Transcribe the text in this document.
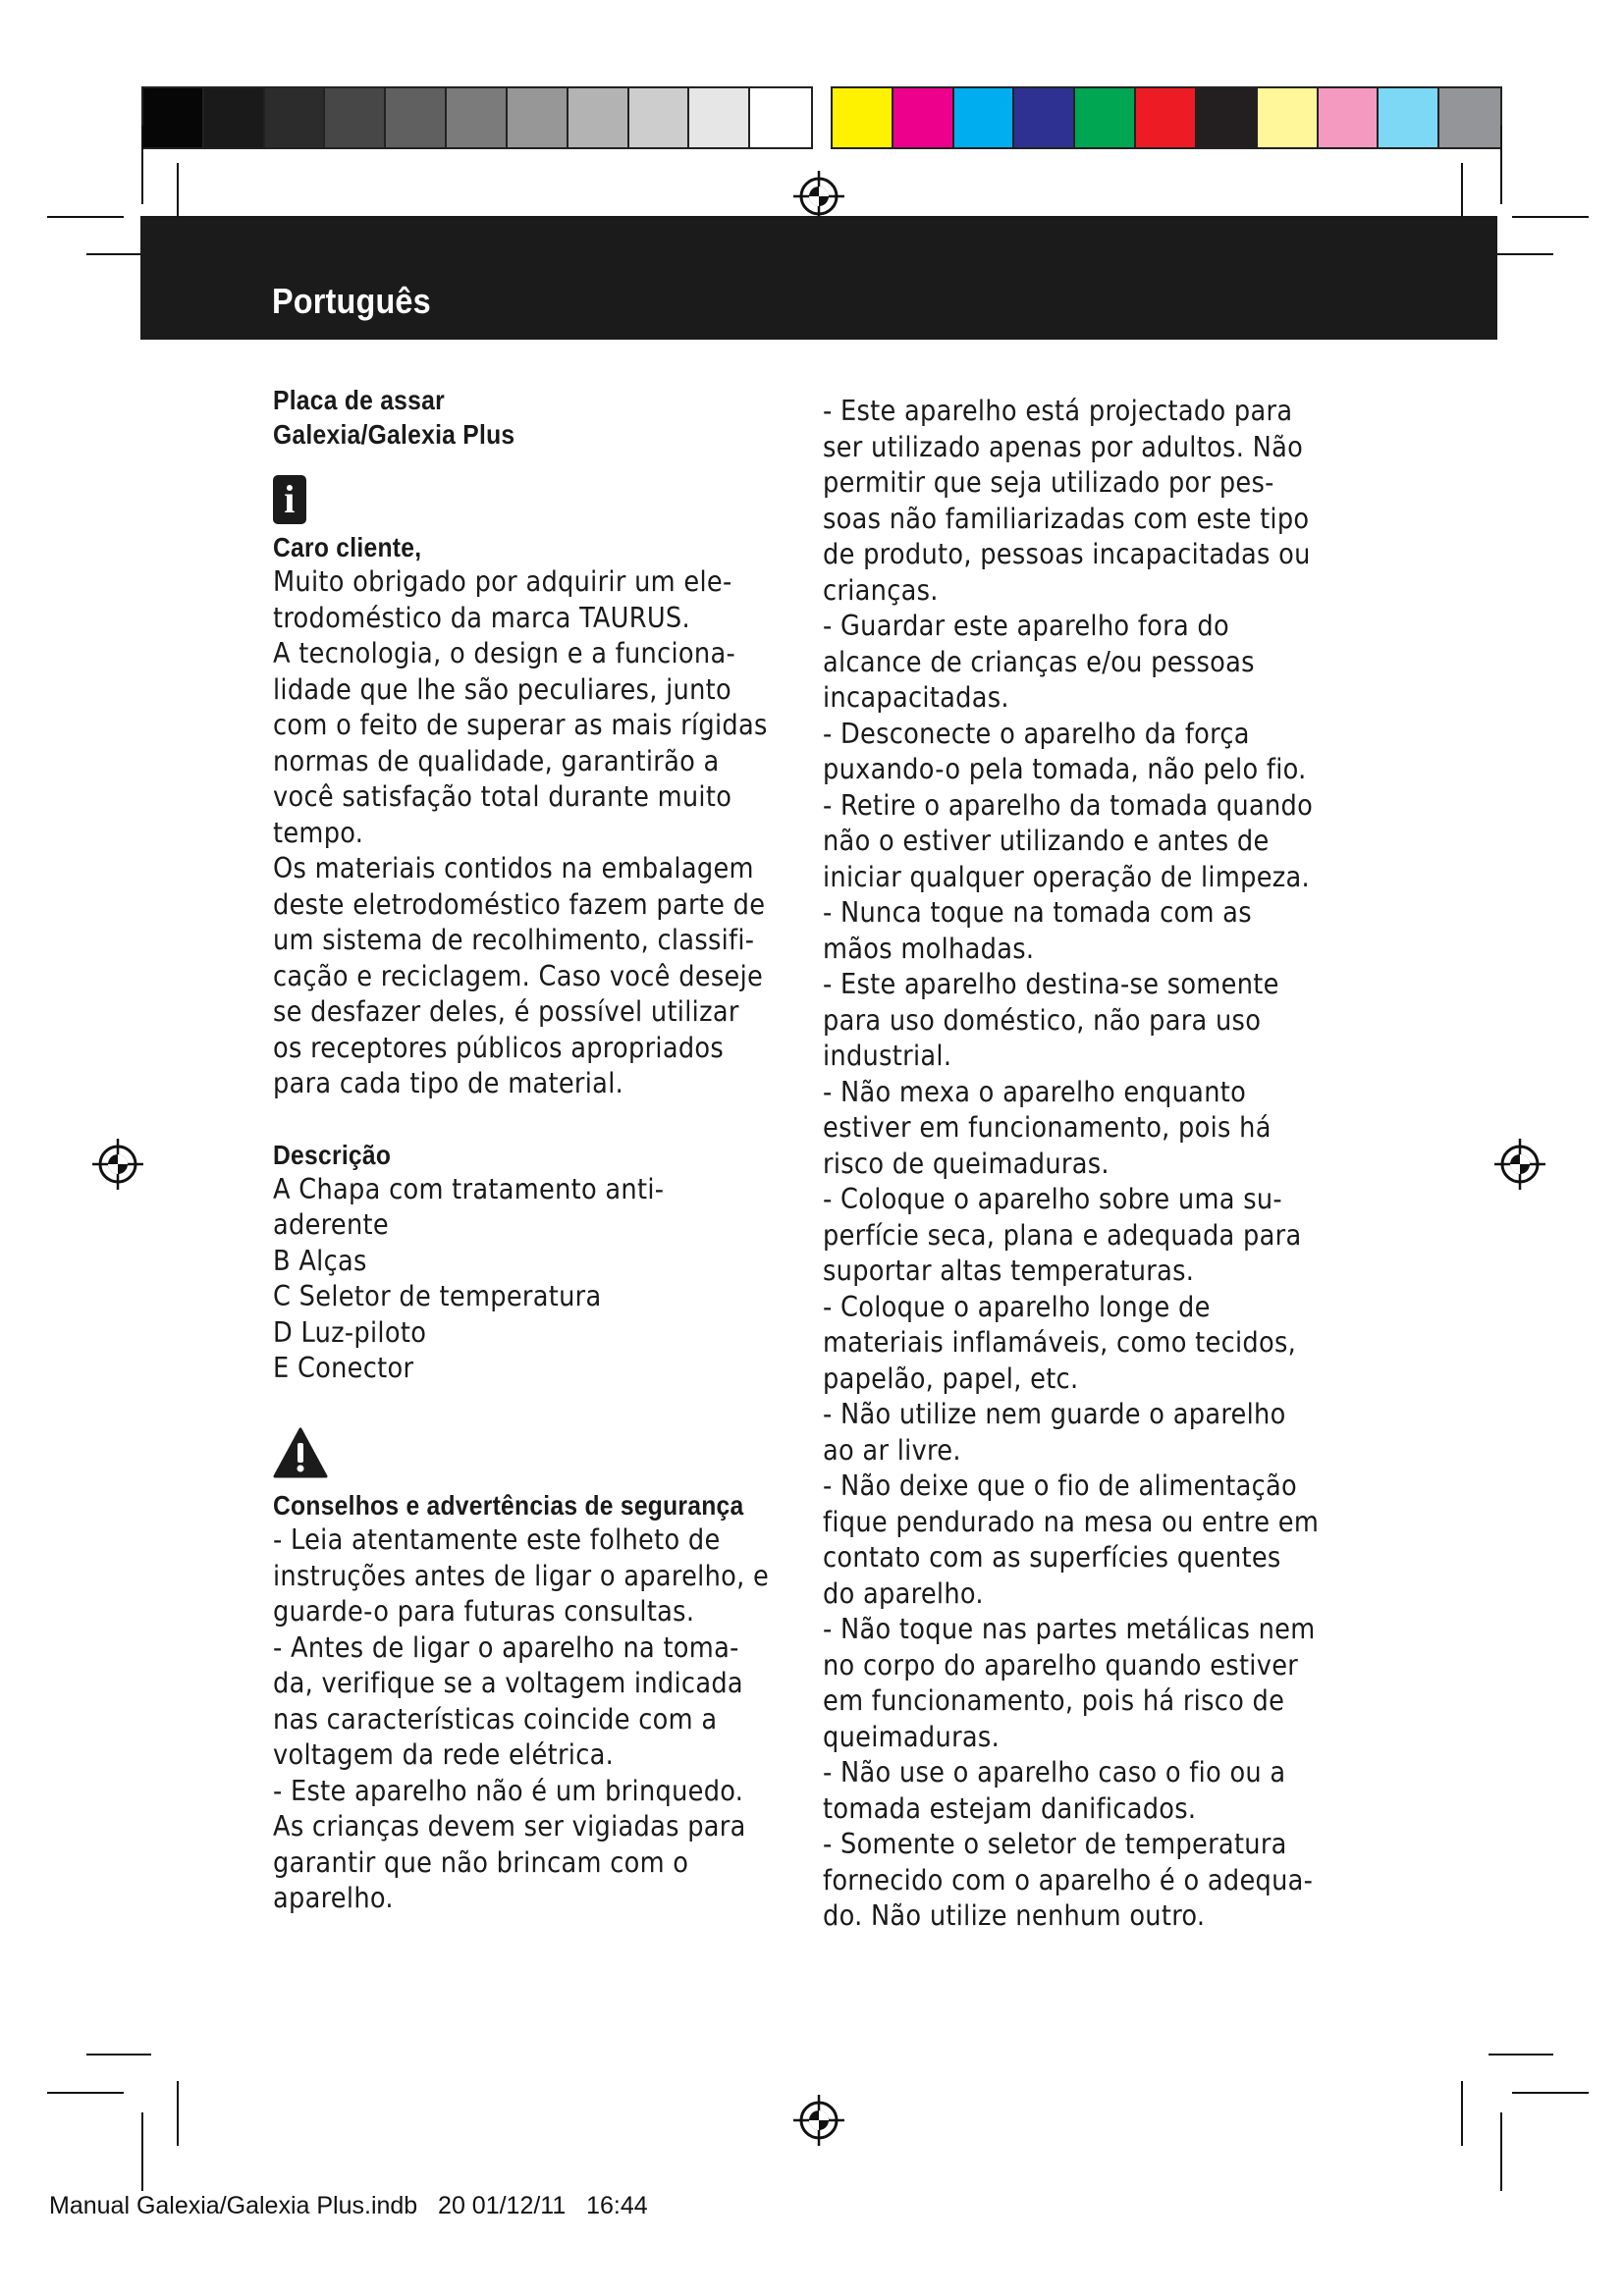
Português

Placa de assar

Galexia/Galexia Plus

i

Caro cliente,

Muito obrigado por adquirir um ele-

trodoméstico da marca TAURUS.

A tecnologia, o design e a funciona-

lidade que lhe são peculiares, junto

com o feito de superar as mais rígidas

normas de qualidade, garantirão a

você satisfação total durante muito

tempo.

Os materiais contidos na embalagem

deste eletrodoméstico fazem parte de

um sistema de recolhimento, classifi-

cação e reciclagem. Caso você deseje

se desfazer deles, é possível utilizar

os receptores públicos apropriados

para cada tipo de material.

Descrição

A Chapa com tratamento anti-

aderente

B Alças

C Seletor de temperatura

D Luz-piloto

E Conector

Conselhos e advertências de segurança

- Leia atentamente este folheto de

instruções antes de ligar o aparelho, e

guarde-o para futuras consultas.

- Antes de ligar o aparelho na toma-

da, verifique se a voltagem indicada

nas características coincide com a

voltagem da rede elétrica.

- Este aparelho não é um brinquedo.

As crianças devem ser vigiadas para

garantir que não brincam com o

aparelho.

- Este aparelho está projectado para

ser utilizado apenas por adultos. Não

permitir que seja utilizado por pes-

soas não familiarizadas com este tipo

de produto, pessoas incapacitadas ou

crianças.

- Guardar este aparelho fora do

alcance de crianças e/ou pessoas

incapacitadas.

- Desconecte o aparelho da força

puxando-o pela tomada, não pelo fio.

- Retire o aparelho da tomada quando

não o estiver utilizando e antes de

iniciar qualquer operação de limpeza.

- Nunca toque na tomada com as

mãos molhadas.

- Este aparelho destina-se somente

para uso doméstico, não para uso

industrial.

- Não mexa o aparelho enquanto

estiver em funcionamento, pois há

risco de queimaduras.

- Coloque o aparelho sobre uma su-

perfície seca, plana e adequada para

suportar altas temperaturas.

- Coloque o aparelho longe de

materiais inflamáveis, como tecidos,

papelão, papel, etc.

- Não utilize nem guarde o aparelho

ao ar livre.

- Não deixe que o fio de alimentação

fique pendurado na mesa ou entre em

contato com as superfícies quentes

do aparelho.

- Não toque nas partes metálicas nem

no corpo do aparelho quando estiver

em funcionamento, pois há risco de

queimaduras.

- Não use o aparelho caso o fio ou a

tomada estejam danificados.

- Somente o seletor de temperatura

fornecido com o aparelho é o adequa-

do. Não utilize nenhum outro.

Manual Galexia/Galexia Plus.indb   20 01/12/11   16:44
